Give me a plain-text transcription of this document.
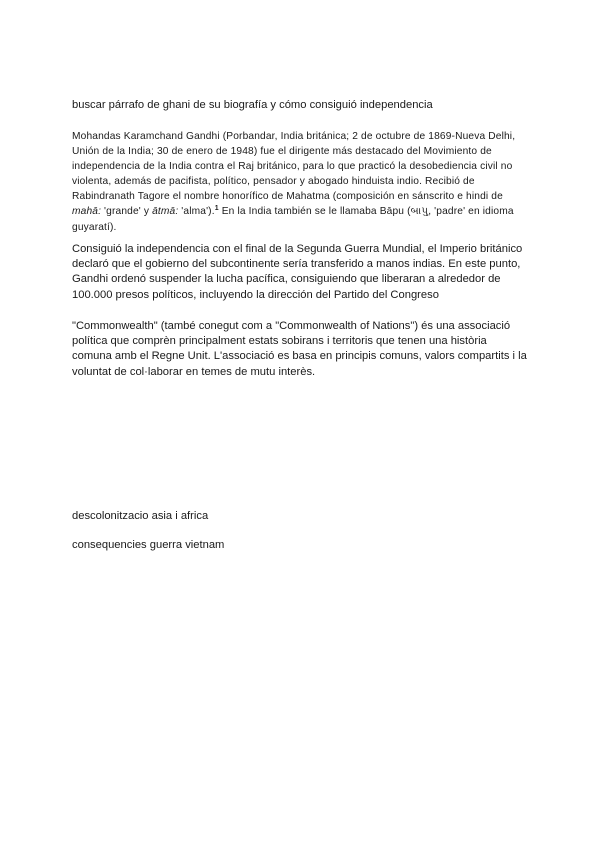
buscar párrafo de ghani de su biografía y cómo consiguió independencia
Mohandas Karamchand Gandhi (Porbandar, India británica; 2 de octubre de 1869-Nueva Delhi, Unión de la India; 30 de enero de 1948) fue el dirigente más destacado del Movimiento de independencia de la India contra el Raj británico, para lo que practicó la desobediencia civil no violenta, además de pacifista, político, pensador y abogado hinduista indio. Recibió de Rabindranath Tagore el nombre honorífico de Mahatma (composición en sánscrito e hindi de mahā: 'grande' y ātmā: 'alma').$^1$ En la India también se le llamaba Bāpu (બાપુ, 'padre' en idioma guyaratí).
Consiguió la independencia con el final de la Segunda Guerra Mundial, el Imperio británico declaró que el gobierno del subcontinente sería transferido a manos indias. En este punto, Gandhi ordenó suspender la lucha pacífica, consiguiendo que liberaran a alrededor de 100.000 presos políticos, incluyendo la dirección del Partido del Congreso
"Commonwealth" (també conegut com a "Commonwealth of Nations") és una associació política que comprèn principalment estats sobirans i territoris que tenen una història comuna amb el Regne Unit. L'associació es basa en principis comuns, valors compartits i la voluntat de col·laborar en temes de mutu interès.
descolonitzacio asia i africa
consequencies guerra vietnam
